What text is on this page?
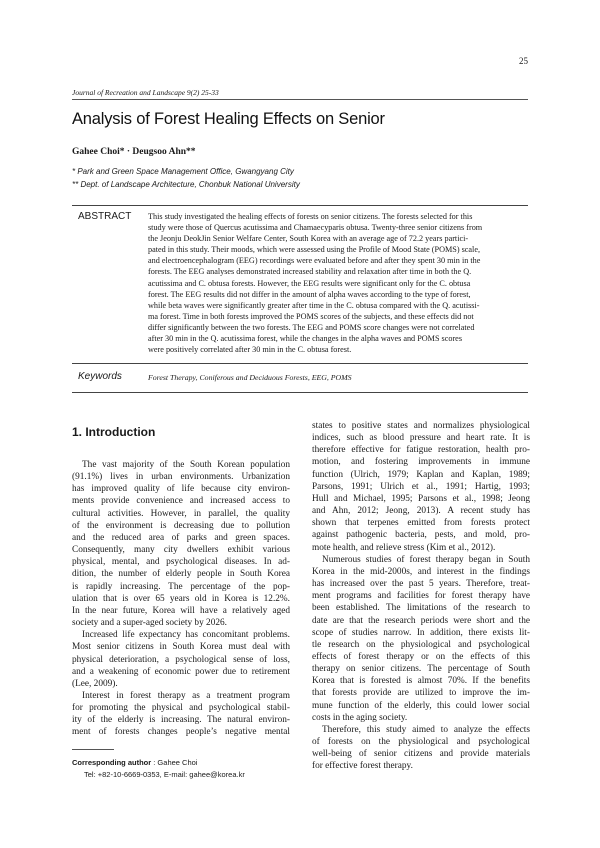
25
Journal of Recreation and Landscape 9(2) 25-33
Analysis of Forest Healing Effects on Senior
Gahee Choi* · Deugsoo Ahn**
* Park and Green Space Management Office, Gwangyang City
** Dept. of Landscape Architecture, Chonbuk National University
ABSTRACT This study investigated the healing effects of forests on senior citizens. The forests selected for this
study were those of Quercus acutissima and Chamaecyparis obtusa. Twenty-three senior citizens from
the Jeonju DeokJin Senior Welfare Center, South Korea with an average age of 72.2 years partici-
pated in this study. Their moods, which were assessed using the Profile of Mood State (POMS) scale,
and electroencephalogram (EEG) recordings were evaluated before and after they spent 30 min in the
forests. The EEG analyses demonstrated increased stability and relaxation after time in both the Q.
acutissima and C. obtusa forests. However, the EEG results were significant only for the C. obtusa
forest. The EEG results did not differ in the amount of alpha waves according to the type of forest,
while beta waves were significantly greater after time in the C. obtusa compared with the Q. acutissi-
ma forest. Time in both forests improved the POMS scores of the subjects, and these effects did not
differ significantly between the two forests. The EEG and POMS score changes were not correlated
after 30 min in the Q. acutissima forest, while the changes in the alpha waves and POMS scores
were positively correlated after 30 min in the C. obtusa forest.
Keywords	Forest Therapy, Coniferous and Deciduous Forests, EEG, POMS
1. Introduction
The vast majority of the South Korean population
(91.1%) lives in urban environments. Urbanization
has improved quality of life because city environ-
ments provide convenience and increased access to
cultural activities. However, in parallel, the quality
of the environment is decreasing due to pollution
and the reduced area of parks and green spaces.
Consequently, many city dwellers exhibit various
physical, mental, and psychological diseases. In ad-
dition, the number of elderly people in South Korea
is rapidly increasing. The percentage of the pop-
ulation that is over 65 years old in Korea is 12.2%.
In the near future, Korea will have a relatively aged
society and a super-aged society by 2026.
Increased life expectancy has concomitant problems.
Most senior citizens in South Korea must deal with
physical deterioration, a psychological sense of loss,
and a weakening of economic power due to retirement
(Lee, 2009).
Interest in forest therapy as a treatment program
for promoting the physical and psychological stabil-
ity of the elderly is increasing. The natural environ-
ment of forests changes people’s negative mental
states to positive states and normalizes physiological
indices, such as blood pressure and heart rate. It is
therefore effective for fatigue restoration, health pro-
motion, and fostering improvements in immune
function (Ulrich, 1979; Kaplan and Kaplan, 1989;
Parsons, 1991; Ulrich et al., 1991; Hartig, 1993;
Hull and Michael, 1995; Parsons et al., 1998; Jeong
and Ahn, 2012; Jeong, 2013). A recent study has
shown that terpenes emitted from forests protect
against pathogenic bacteria, pests, and mold, pro-
mote health, and relieve stress (Kim et al., 2012).
Numerous studies of forest therapy began in South
Korea in the mid-2000s, and interest in the findings
has increased over the past 5 years. Therefore, treat-
ment programs and facilities for forest therapy have
been established. The limitations of the research to
date are that the research periods were short and the
scope of studies narrow. In addition, there exists lit-
tle research on the physiological and psychological
effects of forest therapy or on the effects of this
therapy on senior citizens. The percentage of South
Korea that is forested is almost 70%. If the benefits
that forests provide are utilized to improve the im-
mune function of the elderly, this could lower social
costs in the aging society.
Therefore, this study aimed to analyze the effects
of forests on the physiological and psychological
well-being of senior citizens and provide materials
for effective forest therapy.
Corresponding author : Gahee Choi
Tel: +82-10-6669-0353, E-mail: gahee@korea.kr
